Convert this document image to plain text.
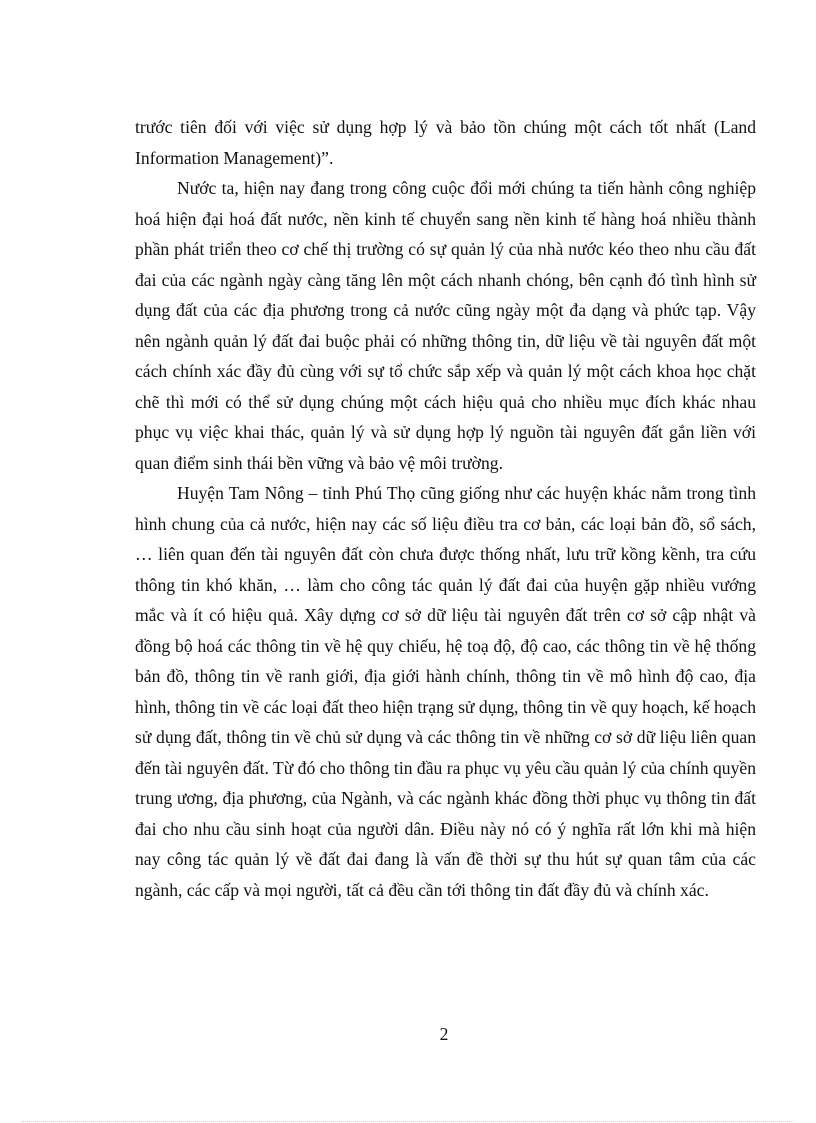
trước tiên đối với việc sử dụng hợp lý và bảo tồn chúng một cách tốt nhất (Land Information Management)”.

Nước ta, hiện nay đang trong công cuộc đổi mới chúng ta tiến hành công nghiệp hoá hiện đại hoá đất nước, nền kinh tế chuyển sang nền kinh tế hàng hoá nhiều thành phần phát triển theo cơ chế thị trường có sự quản lý của nhà nước kéo theo nhu cầu đất đai của các ngành ngày càng tăng lên một cách nhanh chóng, bên cạnh đó tình hình sử dụng đất của các địa phương trong cả nước cũng ngày một đa dạng và phức tạp. Vậy nên ngành quản lý đất đai buộc phải có những thông tin, dữ liệu về tài nguyên đất một cách chính xác đầy đủ cùng với sự tổ chức sắp xếp và quản lý một cách khoa học chặt chẽ thì mới có thể sử dụng chúng một cách hiệu quả cho nhiều mục đích khác nhau phục vụ việc khai thác, quản lý và sử dụng hợp lý nguồn tài nguyên đất gắn liền với quan điểm sinh thái bền vững và bảo vệ môi trường.

Huyện Tam Nông – tỉnh Phú Thọ cũng giống như các huyện khác nằm trong tình hình chung của cả nước, hiện nay các số liệu điều tra cơ bản, các loại bản đồ, sổ sách, … liên quan đến tài nguyên đất còn chưa được thống nhất, lưu trữ kồng kềnh, tra cứu thông tin khó khăn, … làm cho công tác quản lý đất đai của huyện gặp nhiều vướng mắc và ít có hiệu quả. Xây dựng cơ sở dữ liệu tài nguyên đất trên cơ sở cập nhật và đồng bộ hoá các thông tin về hệ quy chiếu, hệ toạ độ, độ cao, các thông tin về hệ thống bản đồ, thông tin về ranh giới, địa giới hành chính, thông tin về mô hình độ cao, địa hình, thông tin về các loại đất theo hiện trạng sử dụng, thông tin về quy hoạch, kế hoạch sử dụng đất, thông tin về chủ sử dụng và các thông tin về những cơ sở dữ liệu liên quan đến tài nguyên đất. Từ đó cho thông tin đầu ra phục vụ yêu cầu quản lý của chính quyền trung ương, địa phương, của Ngành, và các ngành khác đồng thời phục vụ thông tin đất đai cho nhu cầu sinh hoạt của người dân. Điều này nó có ý nghĩa rất lớn khi mà hiện nay công tác quản lý về đất đai đang là vấn đề thời sự thu hút sự quan tâm của các ngành, các cấp và mọi người, tất cả đều cần tới thông tin đất đầy đủ và chính xác.

2
